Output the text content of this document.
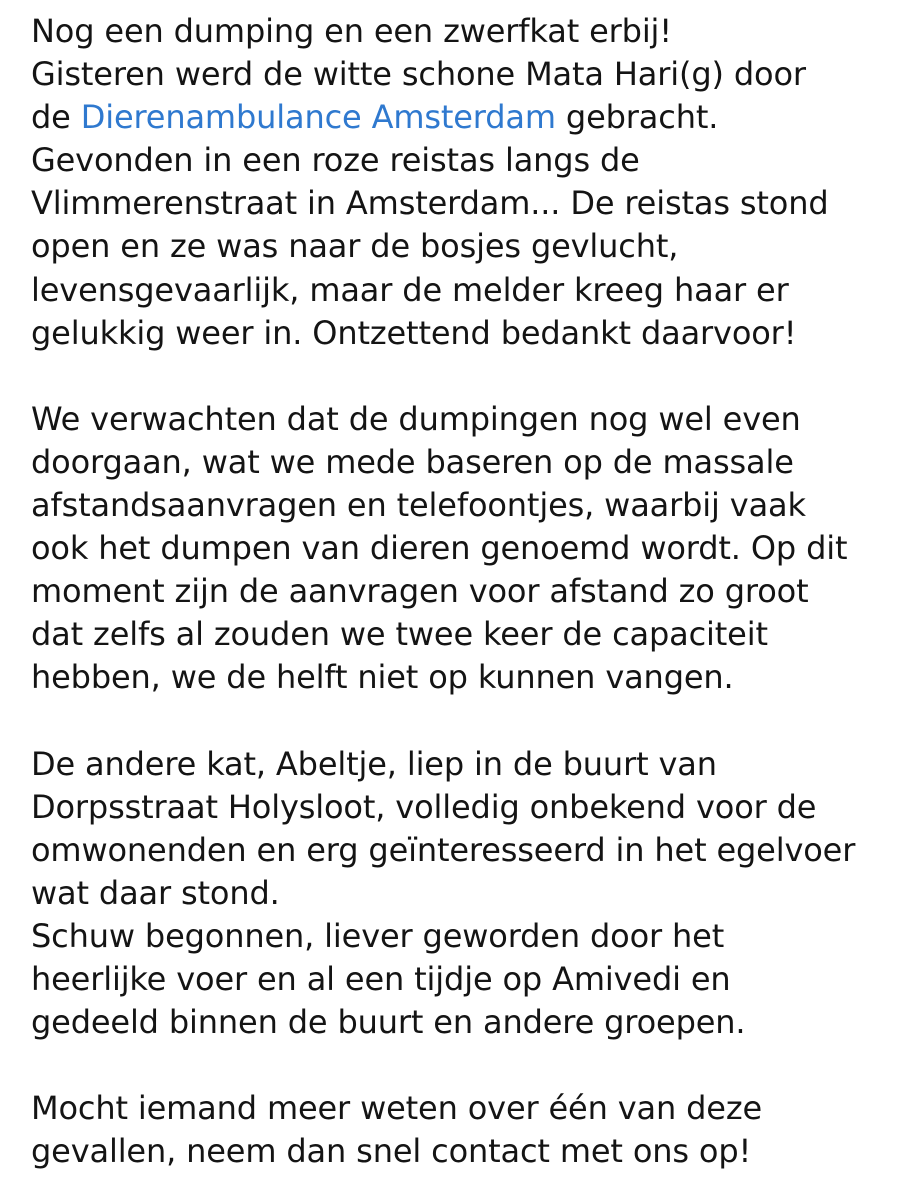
Nog een dumping en een zwerfkat erbij!
Gisteren werd de witte schone Mata Hari(g) door
de Dierenambulance Amsterdam gebracht.
Gevonden in een roze reistas langs de
Vlimmerenstraat in Amsterdam... De reistas stond
open en ze was naar de bosjes gevlucht,
levensgevaarlijk, maar de melder kreeg haar er
gelukkig weer in. Ontzettend bedankt daarvoor!

We verwachten dat de dumpingen nog wel even
doorgaan, wat we mede baseren op de massale
afstandsaanvragen en telefoontjes, waarbij vaak
ook het dumpen van dieren genoemd wordt. Op dit
moment zijn de aanvragen voor afstand zo groot
dat zelfs al zouden we twee keer de capaciteit
hebben, we de helft niet op kunnen vangen.

De andere kat, Abeltje, liep in de buurt van
Dorpsstraat Holysloot, volledig onbekend voor de
omwonenden en erg geïnteresseerd in het egelvoer
wat daar stond.
Schuw begonnen, liever geworden door het
heerlijke voer en al een tijdje op Amivedi en
gedeeld binnen de buurt en andere groepen.

Mocht iemand meer weten over één van deze
gevallen, neem dan snel contact met ons op!
